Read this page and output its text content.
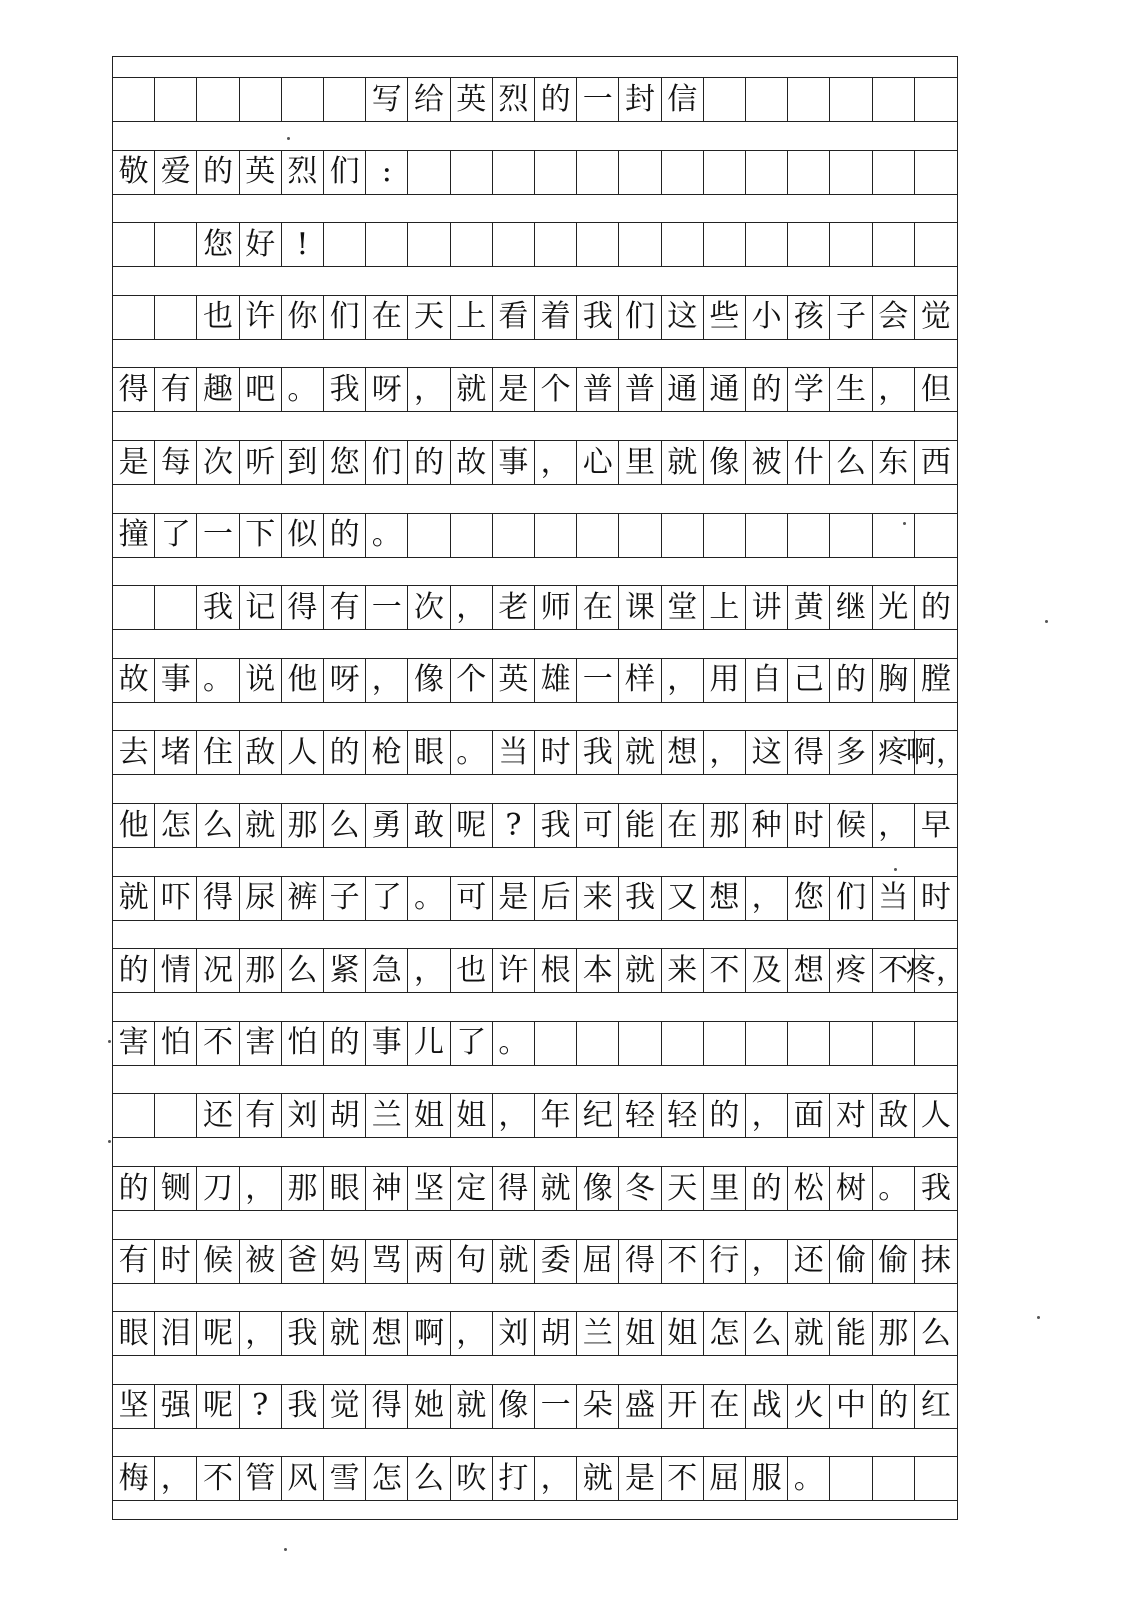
写 给 英 烈 的 一 封 信
敬 爱 的 英 烈 们 :
您 好 !
也 许 你 们 在 天 上 看 着 我 们 这 些 小 孩 子 会 觉
得 有 趣 吧 。 我 呀 ， 就 是 个 普 普 通 通 的 学 生 ， 但
是 每 次 听 到 您 们 的 故 事 ， 心 里 就 像 被 什 么 东 西
撞 了 一 下 似 的 。
我 记 得 有 一 次 ， 老 师 在 课 堂 上 讲 黄 继 光 的
故 事 。 说 他 呀 ， 像 个 英 雄 一 样 ， 用 自 己 的 胸 膛
去 堵 住 敌 人 的 枪 眼 。 当 时 我 就 想 ， 这 得 多 疼
啊，
他 怎 么 就 那 么 勇 敢 呢 ? 我 可 能 在 那 种 时 候 ， 早
就 吓 得 尿 裤 子 了 。 可 是 后 来 我 又 想 ， 您 们 当 时
的 情 况 那 么 紧 急 ， 也 许 根 本 就 来 不 及 想 疼 不
疼，
害 怕 不 害 怕 的 事 儿 了 。
还 有 刘 胡 兰 姐 姐 ， 年 纪 轻 轻 的 ， 面 对 敌 人
的 铡 刀 ， 那 眼 神 坚 定 得 就 像 冬 天 里 的 松 树 。 我
有 时 候 被 爸 妈 骂 两 句 就 委 屈 得 不 行 ， 还 偷 偷 抹
眼 泪 呢 ， 我 就 想 啊 ， 刘 胡 兰 姐 姐 怎 么 就 能 那 么
坚 强 呢 ? 我 觉 得 她 就 像 一 朵 盛 开 在 战 火 中 的 红
梅 ， 不 管 风 雪 怎 么 吹 打 ， 就 是 不 屈 服 。
